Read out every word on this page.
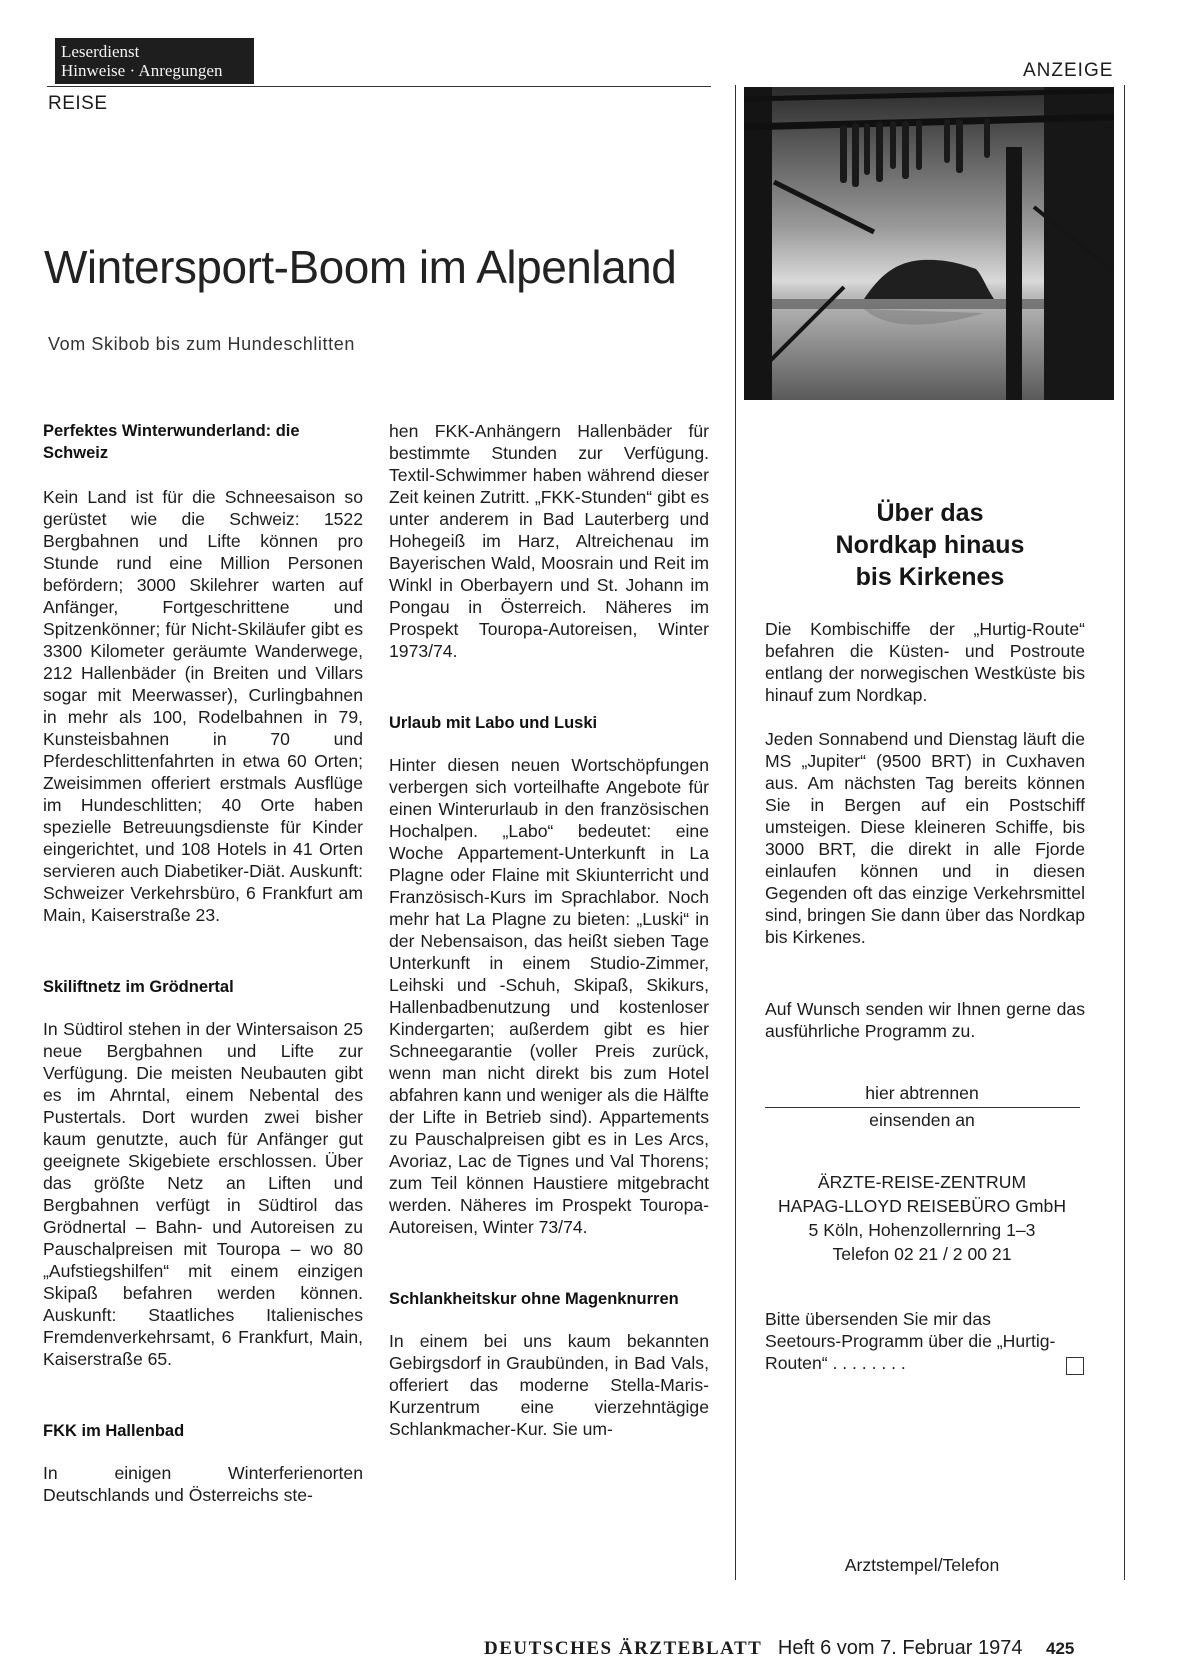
Leserdienst
Hinweise · Anregungen
REISE
ANZEIGE
Wintersport-Boom im Alpenland
Vom Skibob bis zum Hundeschlitten
Perfektes Winterwunderland: die Schweiz

Kein Land ist für die Schneesaison so gerüstet wie die Schweiz: 1522 Bergbahnen und Lifte können pro Stunde rund eine Million Personen befördern; 3000 Skilehrer warten auf Anfänger, Fortgeschrittene und Spitzenkönner; für Nicht-Skiläufer gibt es 3300 Kilometer geräumte Wanderwege, 212 Hallenbäder (in Breiten und Villars sogar mit Meerwasser), Curlingbahnen in mehr als 100, Rodelbahnen in 79, Kunsteisbahnen in 70 und Pferdeschlittenfahrten in etwa 60 Orten; Zweisimmen offeriert erstmals Ausflüge im Hundeschlitten; 40 Orte haben spezielle Betreuungsdienste für Kinder eingerichtet, und 108 Hotels in 41 Orten servieren auch Diabetiker-Diät. Auskunft: Schweizer Verkehrsbüro, 6 Frankfurt am Main, Kaiserstraße 23.

Skiliftnetz im Grödnertal

In Südtirol stehen in der Wintersaison 25 neue Bergbahnen und Lifte zur Verfügung. Die meisten Neubauten gibt es im Ahrntal, einem Nebental des Pustertals. Dort wurden zwei bisher kaum genutzte, auch für Anfänger gut geeignete Skigebiete erschlossen. Über das größte Netz an Liften und Bergbahnen verfügt in Südtirol das Grödnertal – Bahn- und Autoreisen zu Pauschalpreisen mit Touropa – wo 80 „Aufstiegshilfen“ mit einem einzigen Skipaß befahren werden können. Auskunft: Staatliches Italienisches Fremdenverkehrsamt, 6 Frankfurt, Main, Kaiserstraße 65.

FKK im Hallenbad

In einigen Winterferienorten Deutschlands und Österreichs ste-

hen FKK-Anhängern Hallenbäder für bestimmte Stunden zur Verfügung. Textil-Schwimmer haben während dieser Zeit keinen Zutritt. „FKK-Stunden“ gibt es unter anderem in Bad Lauterberg und Hohegeiß im Harz, Altreichenau im Bayerischen Wald, Moosrain und Reit im Winkl in Oberbayern und St. Johann im Pongau in Österreich. Näheres im Prospekt Touropa-Autoreisen, Winter 1973/74.

Urlaub mit Labo und Luski

Hinter diesen neuen Wortschöpfungen verbergen sich vorteilhafte Angebote für einen Winterurlaub in den französischen Hochalpen. „Labo“ bedeutet: eine Woche Appartement-Unterkunft in La Plagne oder Flaine mit Skiunterricht und Französisch-Kurs im Sprachlabor. Noch mehr hat La Plagne zu bieten: „Luski“ in der Nebensaison, das heißt sieben Tage Unterkunft in einem Studio-Zimmer, Leihski und -Schuh, Skipaß, Skikurs, Hallenbadbenutzung und kostenloser Kindergarten; außerdem gibt es hier Schneegarantie (voller Preis zurück, wenn man nicht direkt bis zum Hotel abfahren kann und weniger als die Hälfte der Lifte in Betrieb sind). Appartements zu Pauschalpreisen gibt es in Les Arcs, Avoriaz, Lac de Tignes und Val Thorens; zum Teil können Haustiere mitgebracht werden. Näheres im Prospekt Touropa-Autoreisen, Winter 73/74.

Schlankheitskur ohne Magenknurren

In einem bei uns kaum bekannten Gebirgsdorf in Graubünden, in Bad Vals, offeriert das moderne Stella-Maris-Kurzentrum eine vierzehntägige Schlankmacher-Kur. Sie um-

Über das
Nordkap hinaus
bis Kirkenes

Die Kombischiffe der „Hurtig-Route“ befahren die Küsten- und Postroute entlang der norwegischen Westküste bis hinauf zum Nordkap.

Jeden Sonnabend und Dienstag läuft die MS „Jupiter“ (9500 BRT) in Cuxhaven aus. Am nächsten Tag bereits können Sie in Bergen auf ein Postschiff umsteigen. Diese kleineren Schiffe, bis 3000 BRT, die direkt in alle Fjorde einlaufen können und in diesen Gegenden oft das einzige Verkehrsmittel sind, bringen Sie dann über das Nordkap bis Kirkenes.

Auf Wunsch senden wir Ihnen gerne das ausführliche Programm zu.

hier abtrennen
einsenden an
ÄRZTE-REISE-ZENTRUM
HAPAG-LLOYD REISEBÜRO GmbH
5 Köln, Hohenzollernring 1–3
Telefon 02 21 / 2 00 21

Bitte übersenden Sie mir das Seetours-Programm über die „Hurtig-Routen“ . . . . . . . .

Arztstempel/Telefon
DEUTSCHES ÄRZTEBLATT Heft 6 vom 7. Februar 1974 425
